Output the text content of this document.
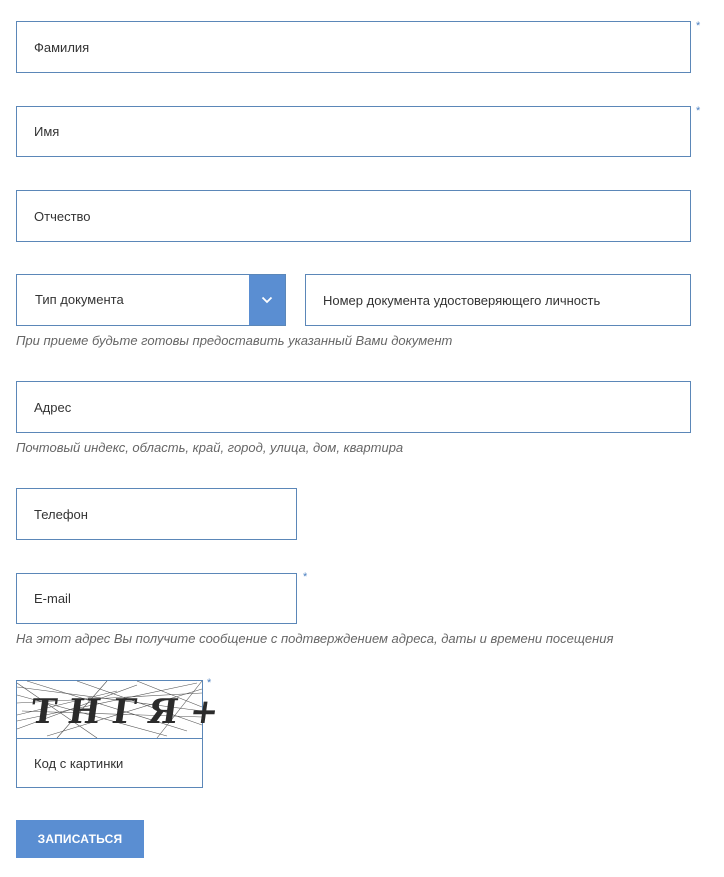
Фамилия
*
Имя
*
Отчество
Тип документа
Номер документа удостоверяющего личность
При приеме будьте готовы предоставить указанный Вами документ
Адрес
Почтовый индекс, область, край, город, улица, дом, квартира
Телефон
E-mail
*
На этот адрес Вы получите сообщение с подтверждением адреса, даты и времени посещения
ТНГЯ+
Код с картинки
*
ЗАПИСАТЬСЯ
